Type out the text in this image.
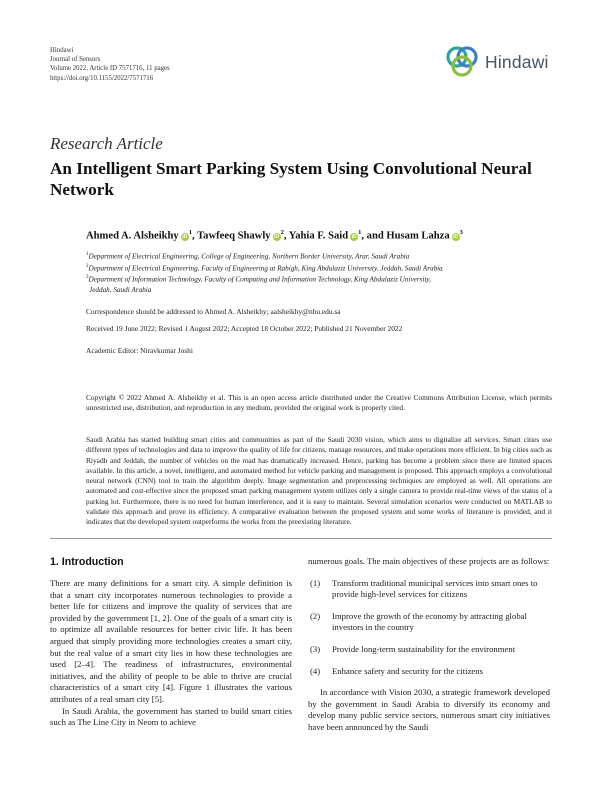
Hindawi
Journal of Sensors
Volume 2022, Article ID 7571716, 11 pages
https://doi.org/10.1155/2022/7571716
Hindawi
Research Article
An Intelligent Smart Parking System Using Convolutional Neural Network
Ahmed A. Alsheikhy $iD^1$, Tawfeeq Shawly $iD^2$, Yahia F. Said $iD^1$, and Husam Lahza $iD^3$
$^1$Department of Electrical Engineering, College of Engineering, Northern Border University, Arar, Saudi Arabia
$^2$Department of Electrical Engineering, Faculty of Engineering at Rabigh, King Abdulaziz University, Jeddah, Saudi Arabia
$^3$Department of Information Technology, Faculty of Computing and Information Technology, King Abdulaziz University,
Jeddah, Saudi Arabia
Correspondence should be addressed to Ahmed A. Alsheikhy; aalsheikhy@nbu.edu.sa
Received 19 June 2022; Revised 1 August 2022; Accepted 18 October 2022; Published 21 November 2022
Academic Editor: Niravkumar Joshi
Copyright © 2022 Ahmed A. Alsheikhy et al. This is an open access article distributed under the Creative Commons Attribution License, which permits unrestricted use, distribution, and reproduction in any medium, provided the original work is properly cited.
Saudi Arabia has started building smart cities and communities as part of the Saudi 2030 vision, which aims to digitalize all services. Smart cities use different types of technologies and data to improve the quality of life for citizens, manage resources, and make operations more efficient. In big cities such as Riyadh and Jeddah, the number of vehicles on the road has dramatically increased. Hence, parking has become a problem since there are limited spaces available. In this article, a novel, intelligent, and automated method for vehicle parking and management is proposed. This approach employs a convolutional neural network (CNN) tool to train the algorithm deeply. Image segmentation and preprocessing techniques are employed as well. All operations are automated and cost-effective since the proposed smart parking management system utilizes only a single camera to provide real-time views of the status of a parking lot. Furthermore, there is no need for human interference, and it is easy to maintain. Several simulation scenarios were conducted on MATLAB to validate this approach and prove its efficiency. A comparative evaluation between the proposed system and some works of literature is provided, and it indicates that the developed system outperforms the works from the preexisting literature.
1. Introduction

There are many definitions for a smart city. A simple definition is that a smart city incorporates numerous technologies to provide a better life for citizens and improve the quality of services that are provided by the government [1, 2]. One of the goals of a smart city is to optimize all available resources for better civic life. It has been argued that simply providing more technologies creates a smart city, but the real value of a smart city lies in how these technologies are used [2–4]. The readiness of infrastructures, environmental initiatives, and the ability of people to be able to thrive are crucial characteristics of a smart city [4]. Figure 1 illustrates the various attributes of a real smart city [5].

In Saudi Arabia, the government has started to build smart cities such as The Line City in Neom to achieve

numerous goals. The main objectives of these projects are as follows:

(1)	Transform traditional municipal services into smart ones to provide high-level services for citizens
(2)	Improve the growth of the economy by attracting global investors in the country
(3)	Provide long-term sustainability for the environment
(4)	Enhance safety and security for the citizens

In accordance with Vision 2030, a strategic framework developed by the government in Saudi Arabia to diversify its economy and develop many public service sectors, numerous smart city initiatives have been announced by the Saudi
